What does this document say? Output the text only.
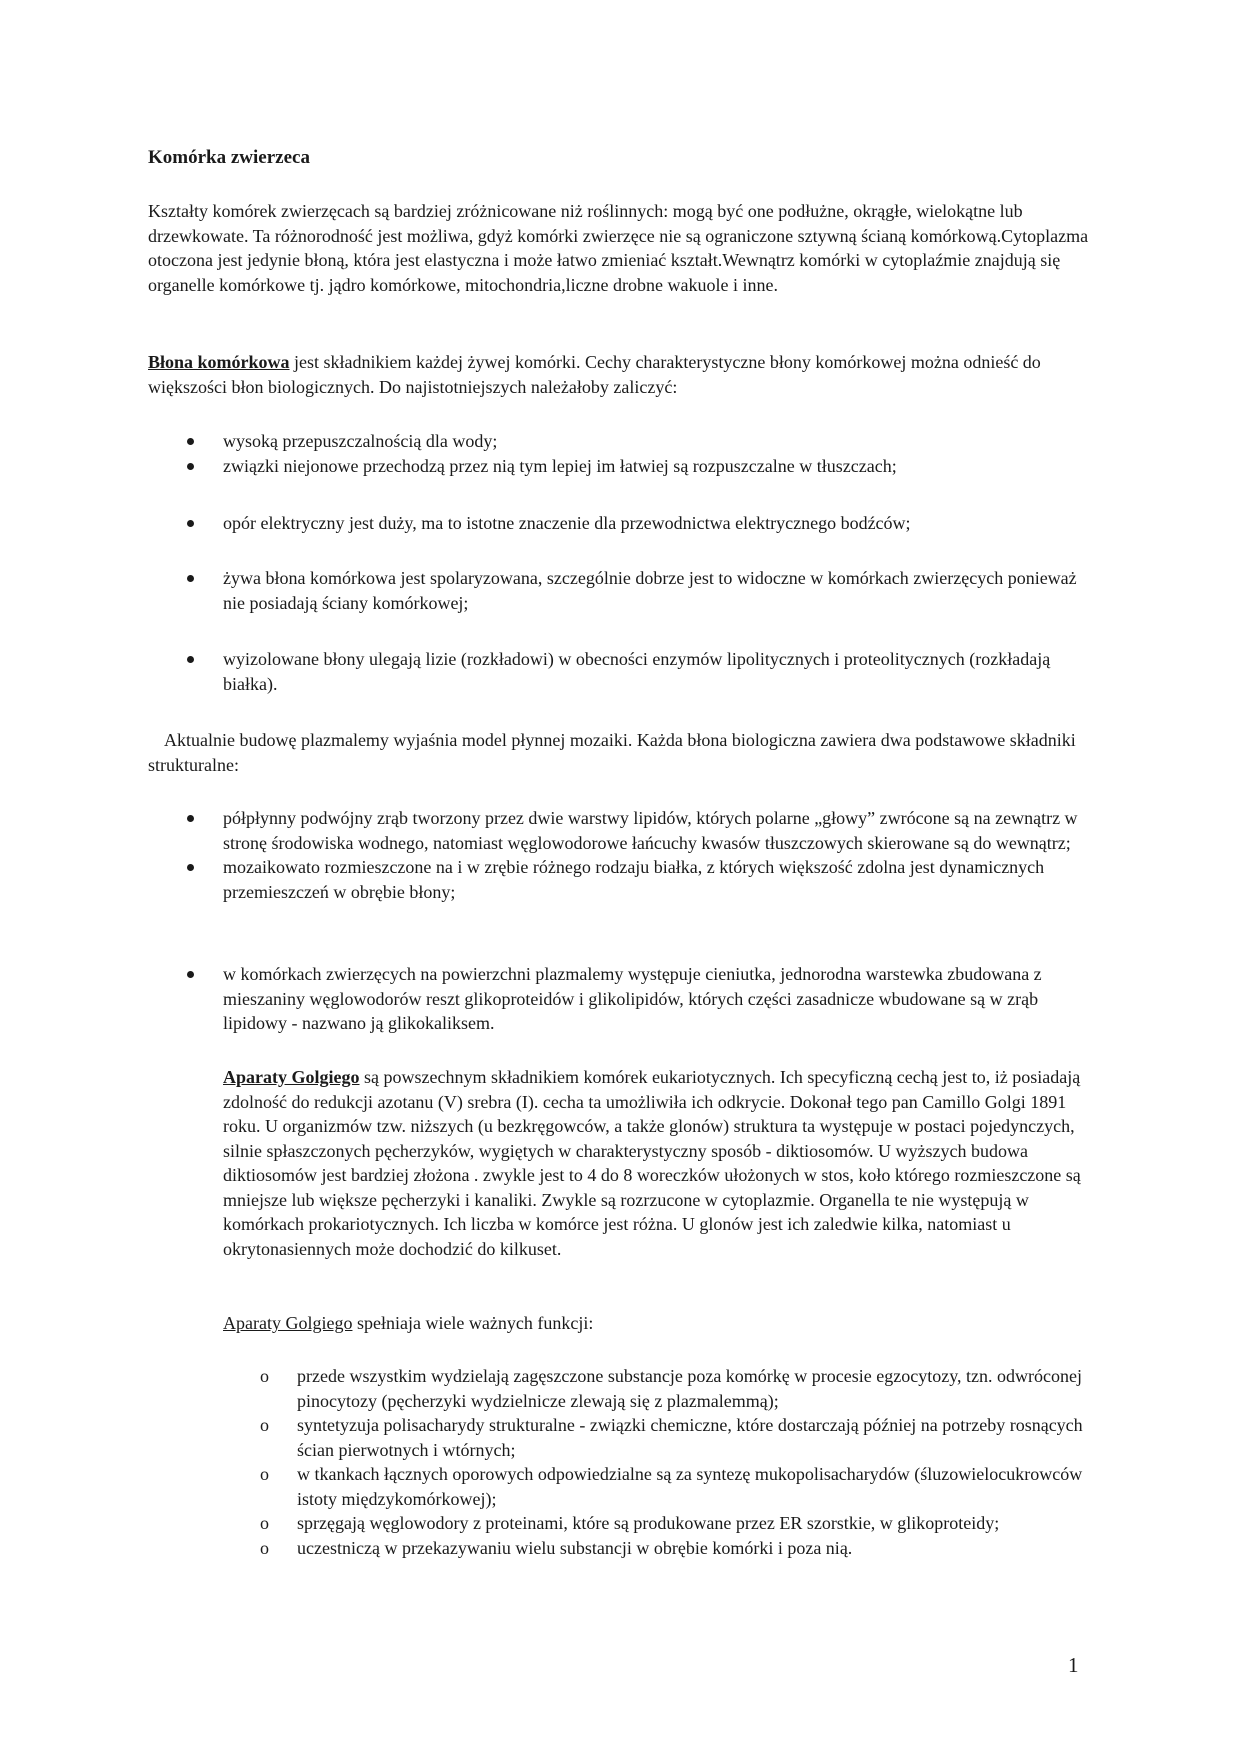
Komórka zwierzeca
Kształty komórek zwierzęcach są bardziej zróżnicowane niż roślinnych: mogą być one podłużne, okrągłe, wielokątne lub drzewkowate. Ta różnorodność jest możliwa, gdyż komórki zwierzęce nie są ograniczone sztywną ścianą komórkową.Cytoplazma otoczona jest jedynie błoną, która jest elastyczna i może łatwo zmieniać kształt.Wewnątrz komórki w cytoplaźmie znajdują się organelle komórkowe tj. jądro komórkowe, mitochondria,liczne drobne wakuole i inne.
Błona komórkowa jest składnikiem każdej żywej komórki. Cechy charakterystyczne błony komórkowej można odnieść do większości błon biologicznych. Do najistotniejszych należałoby zaliczyć:
wysoką przepuszczalnością dla wody;
związki niejonowe przechodzą przez nią tym lepiej im łatwiej są rozpuszczalne w tłuszczach;
opór elektryczny jest duży, ma to istotne znaczenie dla przewodnictwa elektrycznego bodźców;
żywa błona komórkowa jest spolaryzowana, szczególnie dobrze jest to widoczne w komórkach zwierzęcych ponieważ nie posiadają ściany komórkowej;
wyizolowane błony ulegają lizie (rozkładowi) w obecności enzymów lipolitycznych i proteolitycznych (rozkładają białka).
Aktualnie budowę plazmalemy wyjaśnia model płynnej mozaiki. Każda błona biologiczna zawiera dwa podstawowe składniki strukturalne:
półpłynny podwójny zrąb tworzony przez dwie warstwy lipidów, których polarne „głowy” zwrócone są na zewnątrz w stronę środowiska wodnego, natomiast węglowodorowe łańcuchy kwasów tłuszczowych skierowane są do wewnątrz;
mozaikowato rozmieszczone na i w zrębie różnego rodzaju białka, z których większość zdolna jest dynamicznych przemieszczeń w obrębie błony;
w komórkach zwierzęcych na powierzchni plazmalemy występuje cieniutka, jednorodna warstewka zbudowana z mieszaniny węglowodorów reszt glikoproteidów i glikolipidów, których części zasadnicze wbudowane są w zrąb lipidowy - nazwano ją glikokaliksem.
Aparaty Golgiego są powszechnym składnikiem komórek eukariotycznych. Ich specyficzną cechą jest to, iż posiadają zdolność do redukcji azotanu (V) srebra (I). cecha ta umożliwiła ich odkrycie. Dokonał tego pan Camillo Golgi 1891 roku. U organizmów tzw. niższych (u bezkręgowców, a także glonów) struktura ta występuje w postaci pojedynczych, silnie spłaszczonych pęcherzyków, wygiętych w charakterystyczny sposób - diktiosomów. U wyższych budowa diktiosomów jest bardziej złożona . zwykle jest to 4 do 8 woreczków ułożonych w stos, koło którego rozmieszczone są mniejsze lub większe pęcherzyki i kanaliki. Zwykle są rozrzucone w cytoplazmie. Organella te nie występują w komórkach prokariotycznych. Ich liczba w komórce jest różna. U glonów jest ich zaledwie kilka, natomiast u okrytonasiennych może dochodzić do kilkuset.
Aparaty Golgiego spełniaja wiele ważnych funkcji:
o przede wszystkim wydzielają zagęszczone substancje poza komórkę w procesie egzocytozy, tzn. odwróconej pinocytozy (pęcherzyki wydzielnicze zlewają się z plazmalemmą);
o syntetyzuja polisacharydy strukturalne - związki chemiczne, które dostarczają później na potrzeby rosnących ścian pierwotnych i wtórnych;
o w tkankach łącznych oporowych odpowiedzialne są za syntezę mukopolisacharydów (śluzowielocukrowców istoty międzykomórkowej);
o sprzęgają węglowodory z proteinami, które są produkowane przez ER szorstkie, w glikoproteidy;
o uczestniczą w przekazywaniu wielu substancji w obrębie komórki i poza nią.
1
